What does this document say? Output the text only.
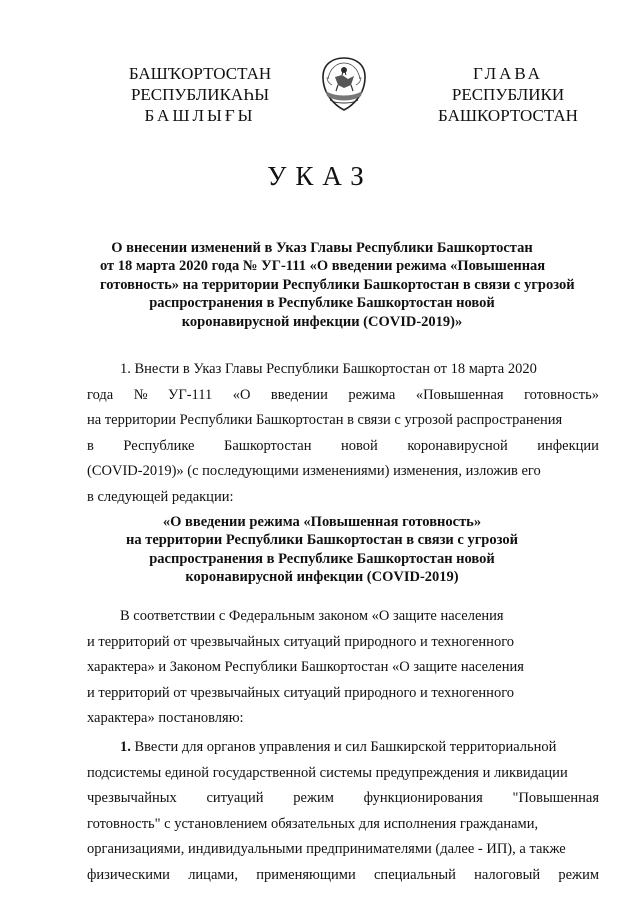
БАШҠОРТОСТАН
РЕСПУБЛИКАҺЫ
БАШЛЫҒЫ
ГЛАВА
РЕСПУБЛИКИ
БАШКОРТОСТАН
УКАЗ
О внесении изменений в Указ Главы Республики Башкортостан
от 18 марта 2020 года № УГ-111 «О введении режима «Повышенная
готовность» на территории Республики Башкортостан в связи с угрозой
распространения в Республике Башкортостан новой
коронавирусной инфекции (COVID-2019)»
1. Внести в Указ Главы Республики Башкортостан от 18 марта 2020
года № УГ-111 «О введении режима «Повышенная готовность»
на территории Республики Башкортостан в связи с угрозой распространения
в Республике Башкортостан новой коронавирусной инфекции
(COVID-2019)» (с последующими изменениями) изменения, изложив его
в следующей редакции:
«О введении режима «Повышенная готовность»
на территории Республики Башкортостан в связи с угрозой
распространения в Республике Башкортостан новой
коронавирусной инфекции (COVID-2019)
В соответствии с Федеральным законом «О защите населения
и территорий от чрезвычайных ситуаций природного и техногенного
характера» и Законом Республики Башкортостан «О защите населения
и территорий от чрезвычайных ситуаций природного и техногенного
характера» постановляю:
1. Ввести для органов управления и сил Башкирской территориальной
подсистемы единой государственной системы предупреждения и ликвидации
чрезвычайных ситуаций режим функционирования "Повышенная
готовность" с установлением обязательных для исполнения гражданами,
организациями, индивидуальными предпринимателями (далее - ИП), а также
физическими лицами, применяющими специальный налоговый режим
